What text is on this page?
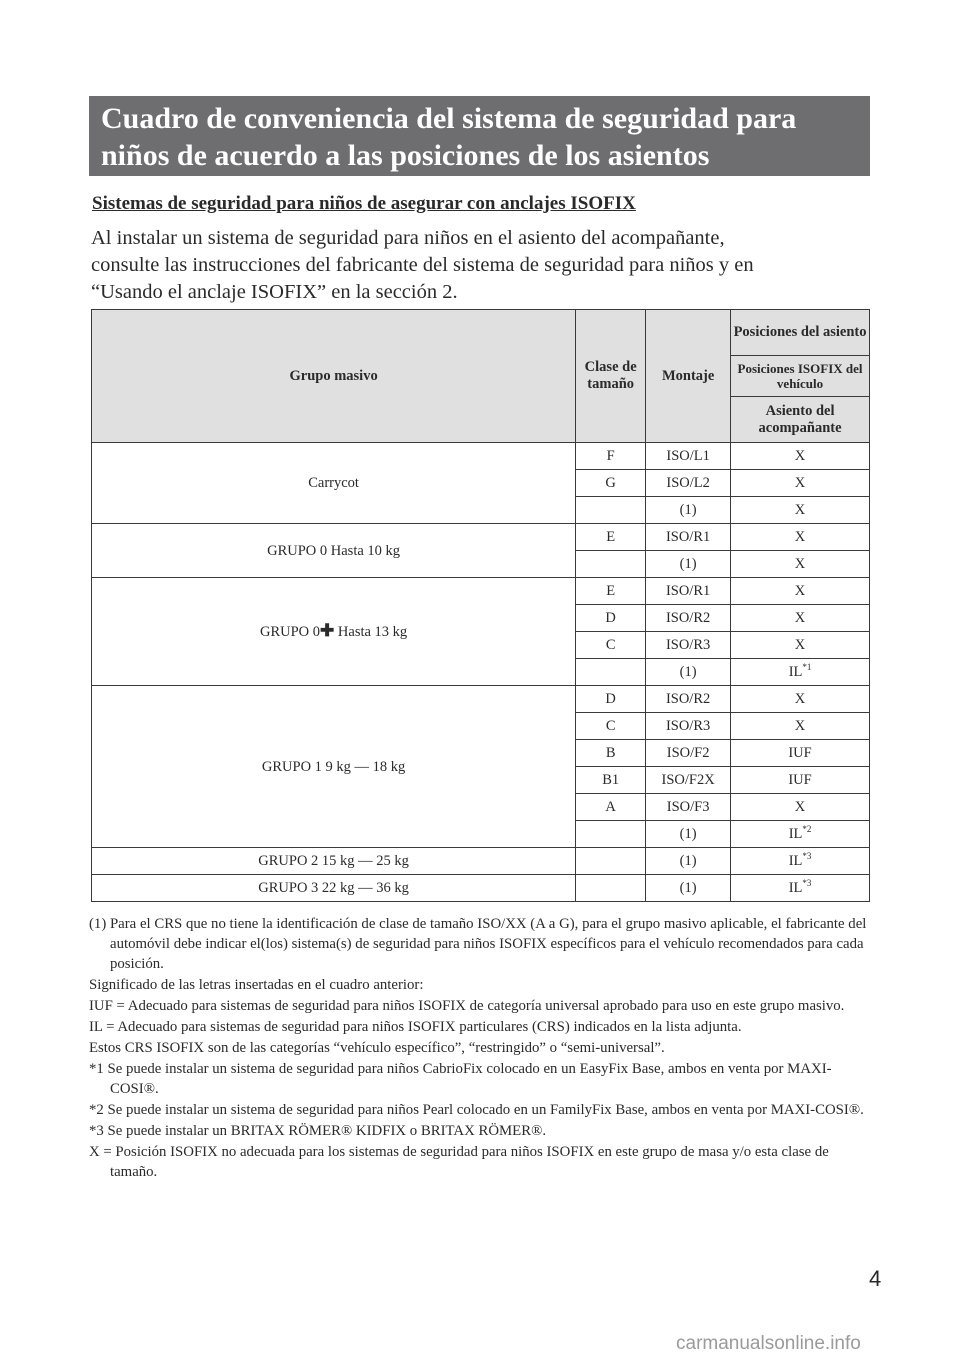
Cuadro de conveniencia del sistema de seguridad para
niños de acuerdo a las posiciones de los asientos
Sistemas de seguridad para niños de asegurar con anclajes ISOFIX

Al instalar un sistema de seguridad para niños en el asiento del acompañante,

consulte las instrucciones del fabricante del sistema de seguridad para niños y en

“Usando el anclaje ISOFIX” en la sección 2.

Grupo masivo	Clase de tamaño	Montaje	Posiciones del asiento
			Posiciones ISOFIX del vehículo
			Asiento del acompañante
Carrycot	F	ISO/L1	X
	G	ISO/L2	X
		(1)	X
GRUPO 0 Hasta 10 kg	E	ISO/R1	X
		(1)	X
GRUPO 0✚ Hasta 13 kg	E	ISO/R1	X
	D	ISO/R2	X
	C	ISO/R3	X
		(1)	IL$^{*1}$
GRUPO 1 9 kg — 18 kg	D	ISO/R2	X
	C	ISO/R3	X
	B	ISO/F2	IUF
	B1	ISO/F2X	IUF
	A	ISO/F3	X
		(1)	IL$^{*2}$
GRUPO 2 15 kg — 25 kg		(1)	IL$^{*3}$
GRUPO 3 22 kg — 36 kg		(1)	IL$^{*3}$

(1) Para el CRS que no tiene la identificación de clase de tamaño ISO/XX (A a G), para el grupo masivo aplicable, el fabricante del automóvil debe indicar el(los) sistema(s) de seguridad para niños ISOFIX específicos para el vehículo recomendados para cada posición.

Significado de las letras insertadas en el cuadro anterior:

IUF = Adecuado para sistemas de seguridad para niños ISOFIX de categoría universal aprobado para uso en este grupo masivo.

IL = Adecuado para sistemas de seguridad para niños ISOFIX particulares (CRS) indicados en la lista adjunta.

Estos CRS ISOFIX son de las categorías “vehículo específico”, “restringido” o “semi-universal”.

*1 Se puede instalar un sistema de seguridad para niños CabrioFix colocado en un EasyFix Base, ambos en venta por MAXI-COSI®.

*2 Se puede instalar un sistema de seguridad para niños Pearl colocado en un FamilyFix Base, ambos en venta por MAXI-COSI®.

*3 Se puede instalar un BRITAX RÖMER® KIDFIX o BRITAX RÖMER®.

X = Posición ISOFIX no adecuada para los sistemas de seguridad para niños ISOFIX en este grupo de masa y/o esta clase de tamaño.

4
carmanualsonline.info
